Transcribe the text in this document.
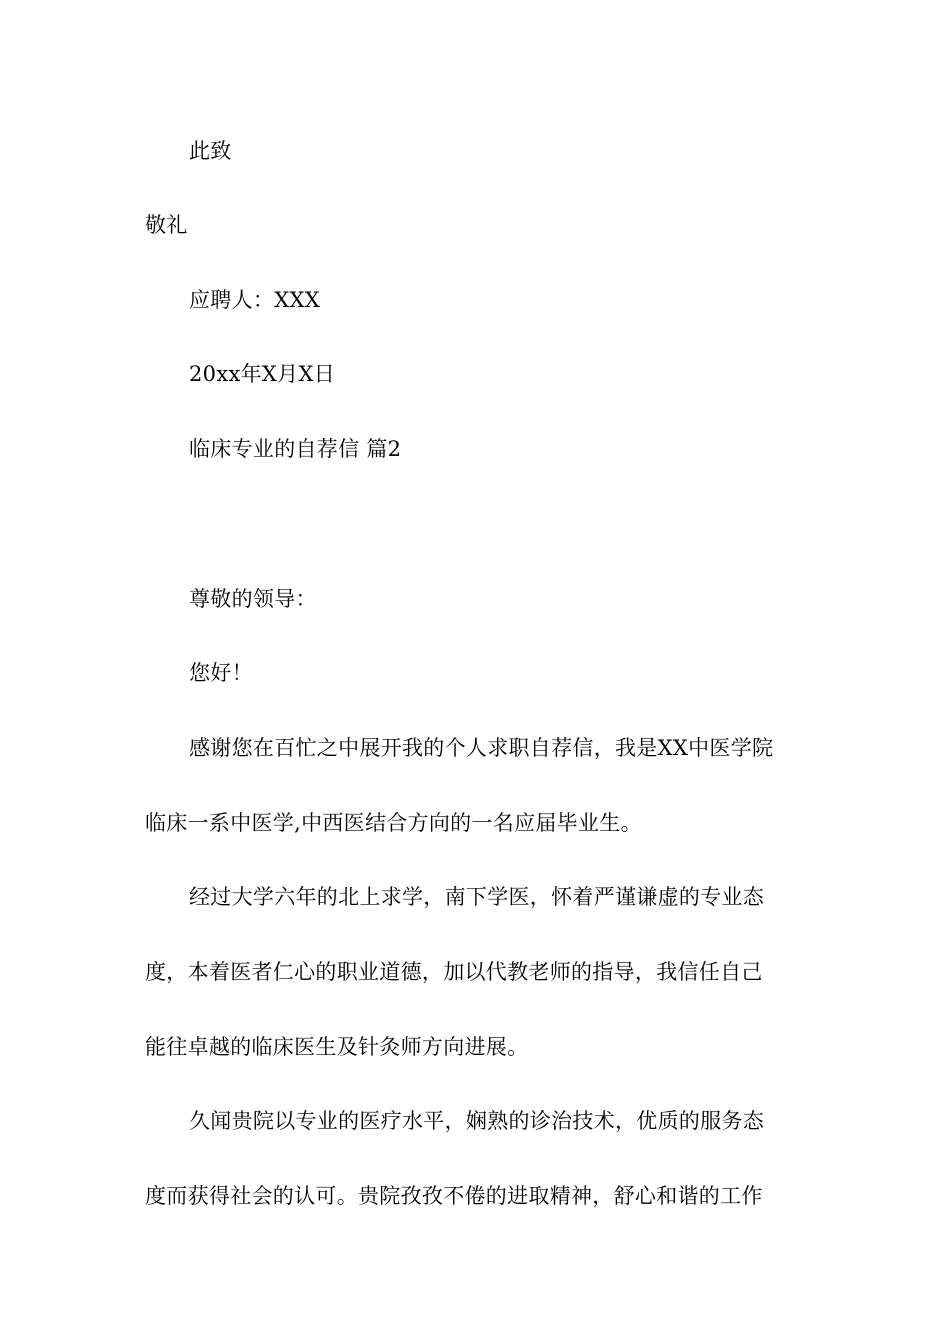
此致
敬礼
应聘人：XXX
20xx年X月X日
临床专业的自荐信 篇2
尊敬的领导：
您好！
感谢您在百忙之中展开我的个人求职自荐信，我是XX中医学院
临床一系中医学,中西医结合方向的一名应届毕业生。
经过大学六年的北上求学，南下学医，怀着严谨谦虚的专业态
度，本着医者仁心的职业道德，加以代教老师的指导，我信任自己
能往卓越的临床医生及针灸师方向进展。
久闻贵院以专业的医疗水平，娴熟的诊治技术，优质的服务态
度而获得社会的认可。贵院孜孜不倦的进取精神，舒心和谐的工作
